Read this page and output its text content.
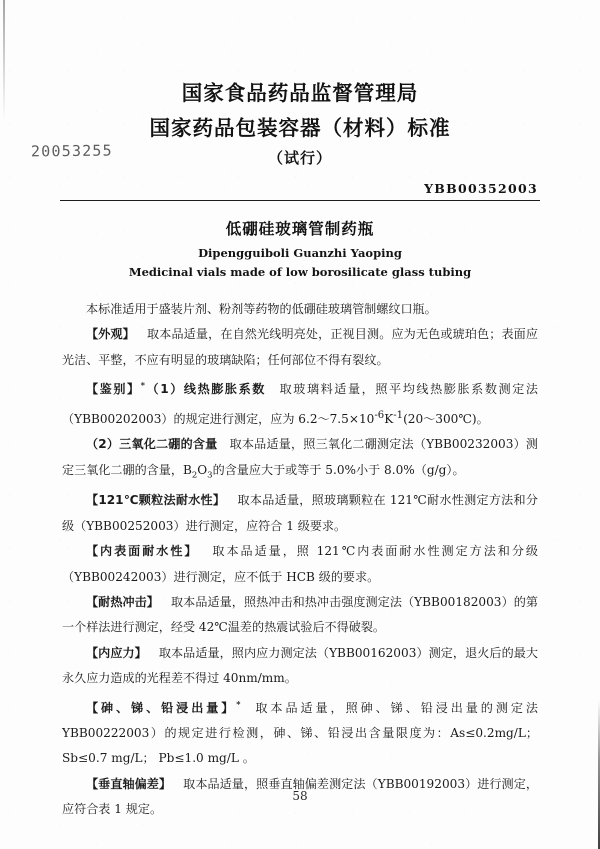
20053255
国家食品药品监督管理局
国家药品包装容器（材料）标准
（试行）
YBB00352003
低硼硅玻璃管制药瓶
Dipengguiboli Guanzhi Yaoping
Medicinal vials made of low borosilicate glass tubing

本标准适用于盛装片剂、粉剂等药物的低硼硅玻璃管制螺纹口瓶。

【外观】 取本品适量，在自然光线明亮处，正视目测。应为无色或琥珀色；表面应光洁、平整，不应有明显的玻璃缺陷；任何部位不得有裂纹。

【鉴别】*（1）线热膨胀系数 取玻璃料适量，照平均线热膨胀系数测定法（YBB00202003）的规定进行测定，应为 $6.2\sim 7.5\times 10^{-6}K^{-1}(20\sim 300℃)$。

（2）三氧化二硼的含量 取本品适量，照三氧化二硼测定法（YBB00232003）测定三氧化二硼的含量，$B_2O_3$的含量应大于或等于 5.0%小于 8.0%（g/g）。

【121℃颗粒法耐水性】 取本品适量，照玻璃颗粒在 121℃耐水性测定方法和分级（YBB00252003）进行测定，应符合 1 级要求。

【内表面耐水性】 取本品适量，照 121℃内表面耐水性测定方法和分级（YBB00242003）进行测定，应不低于 HCB 级的要求。

【耐热冲击】 取本品适量，照热冲击和热冲击强度测定法（YBB00182003）的第一个样法进行测定，经受 42℃温差的热震试验后不得破裂。

【内应力】 取本品适量，照内应力测定法（YBB00162003）测定，退火后的最大永久应力造成的光程差不得过 40nm/mm。

【砷、锑、铅浸出量】* 取本品适量，照砷、锑、铅浸出量的测定法 YBB00222003）的规定进行检测，砷、锑、铅浸出含量限度为：As≤0.2mg/L； Sb≤0.7 mg/L； Pb≤1.0 mg/L 。

【垂直轴偏差】 取本品适量，照垂直轴偏差测定法（YBB00192003）进行测定，应符合表 1 规定。

58
